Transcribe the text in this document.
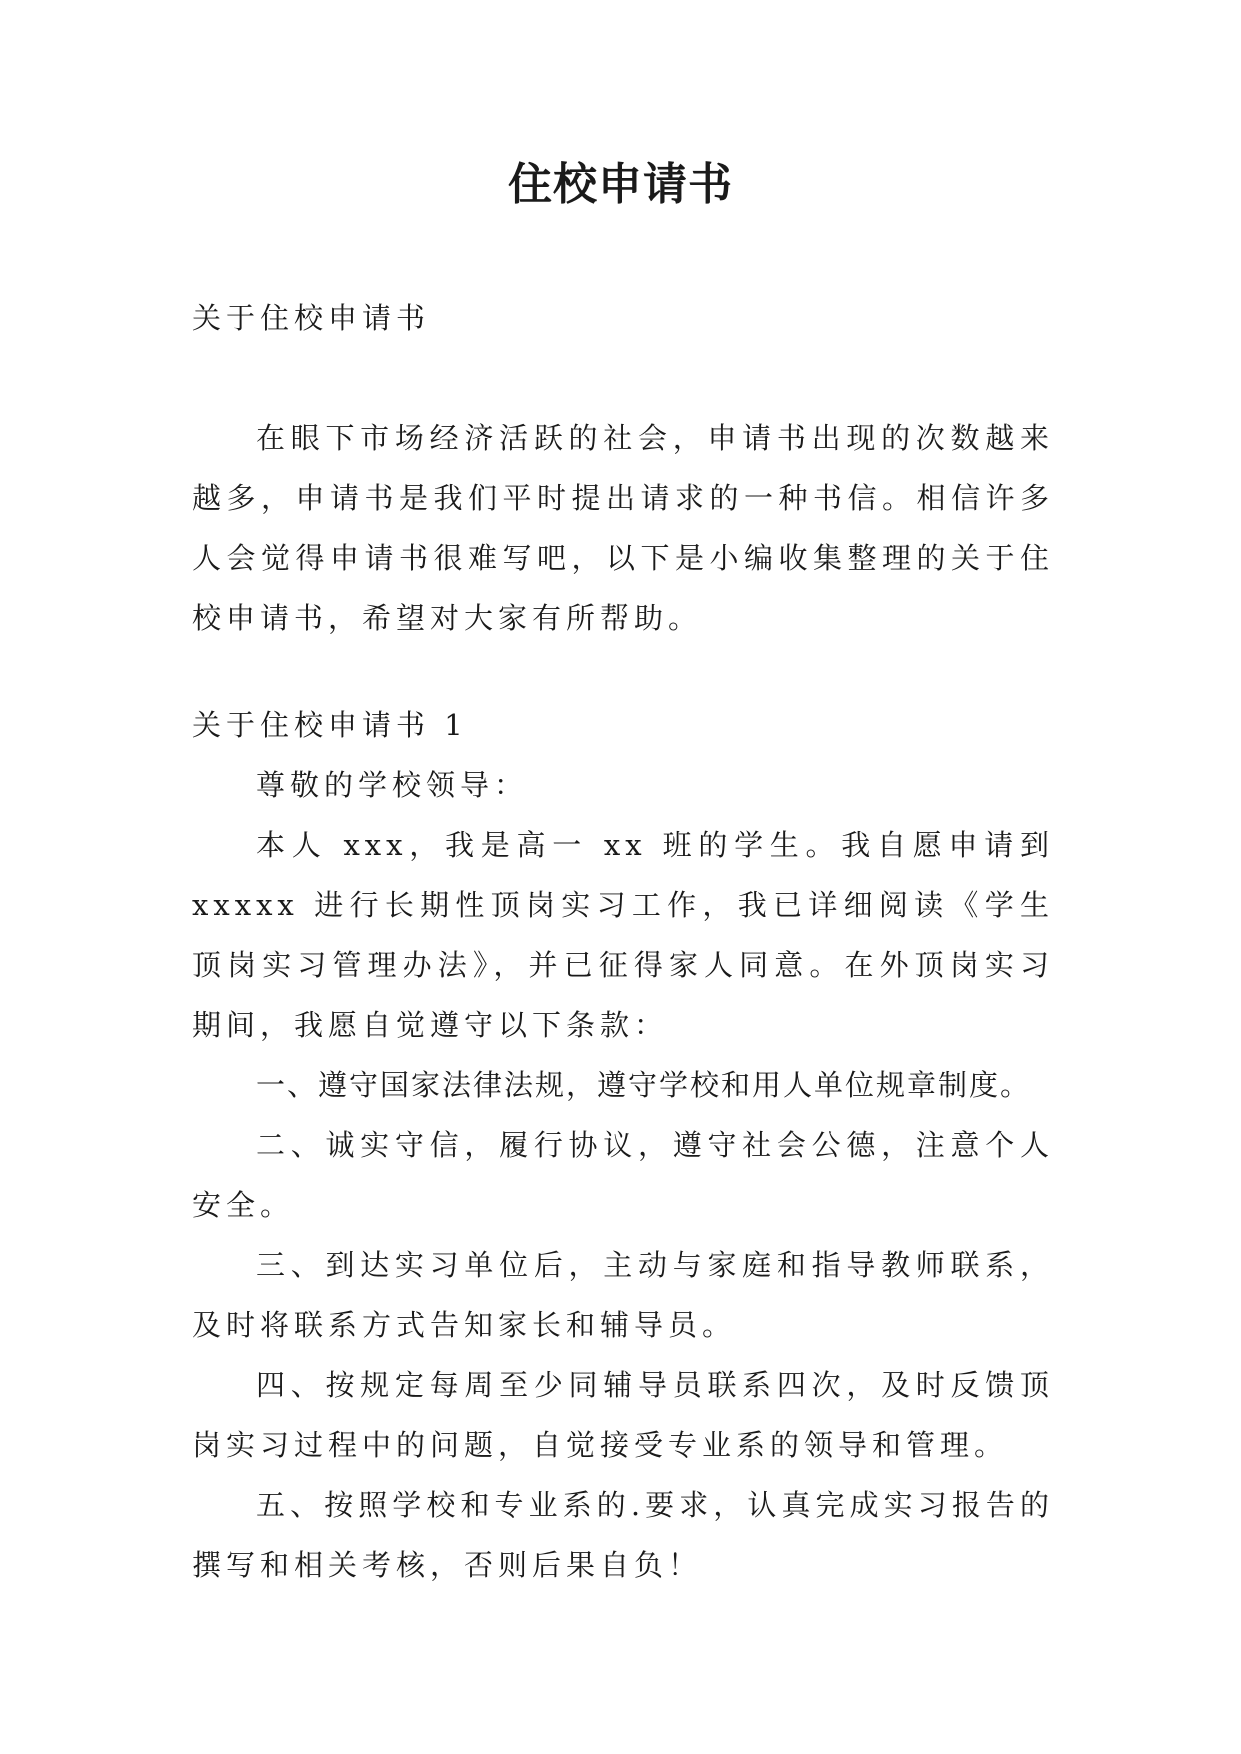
住校申请书

关于住校申请书

在眼下市场经济活跃的社会，申请书出现的次数越来越多，申请书是我们平时提出请求的一种书信。相信许多人会觉得申请书很难写吧，以下是小编收集整理的关于住校申请书，希望对大家有所帮助。

关于住校申请书 1

尊敬的学校领导：

本人 xxx，我是高一 xx 班的学生。我自愿申请到 xxxxx 进行长期性顶岗实习工作，我已详细阅读《学生顶岗实习管理办法》，并已征得家人同意。在外顶岗实习期间，我愿自觉遵守以下条款：

一、遵守国家法律法规，遵守学校和用人单位规章制度。

二、诚实守信，履行协议，遵守社会公德，注意个人安全。

三、到达实习单位后，主动与家庭和指导教师联系，及时将联系方式告知家长和辅导员。

四、按规定每周至少同辅导员联系四次，及时反馈顶岗实习过程中的问题，自觉接受专业系的领导和管理。

五、按照学校和专业系的.要求，认真完成实习报告的撰写和相关考核，否则后果自负！
